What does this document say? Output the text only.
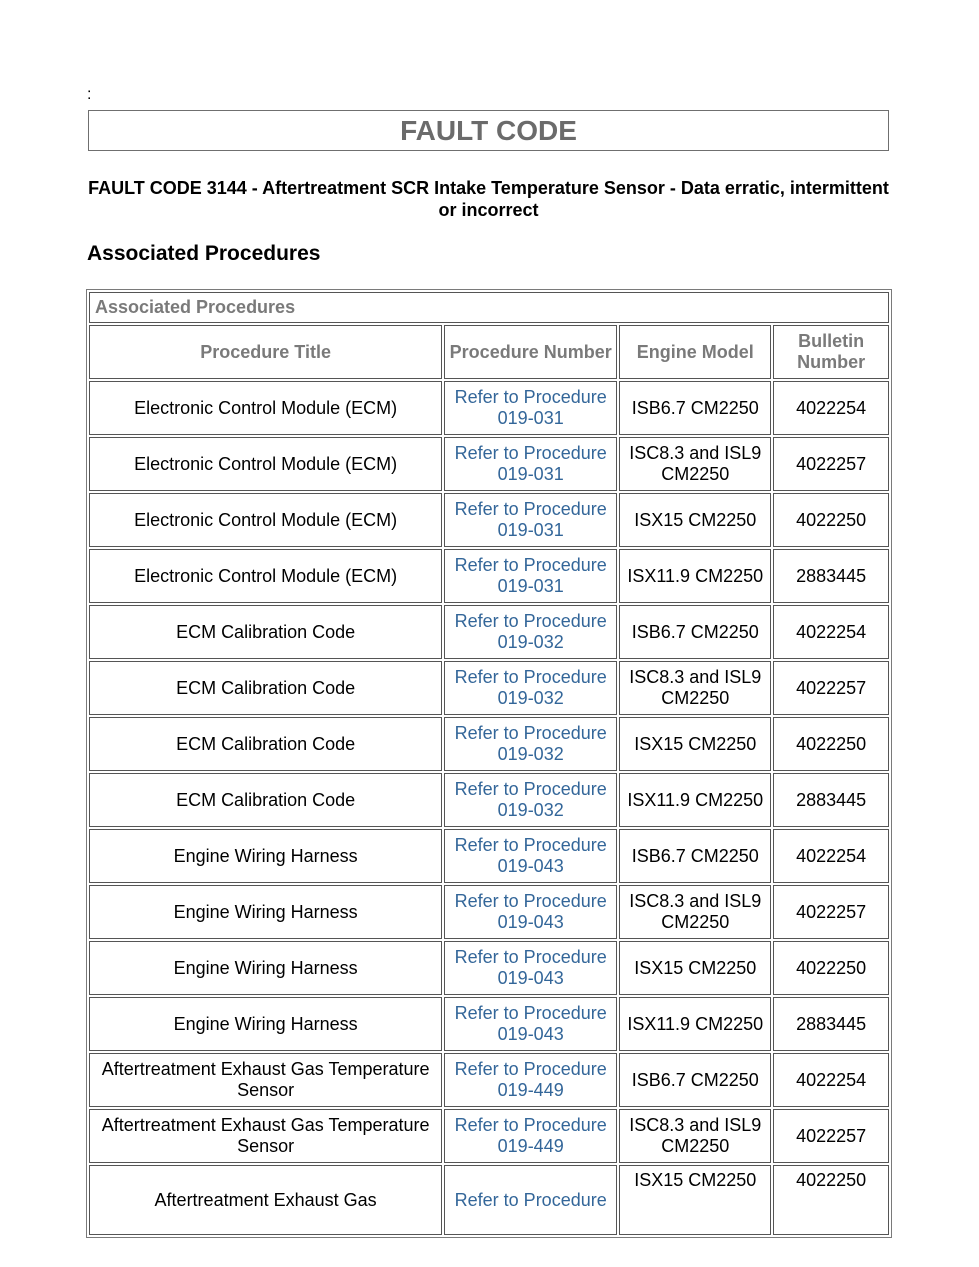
:
FAULT CODE
FAULT CODE 3144 - Aftertreatment SCR Intake Temperature Sensor - Data erratic, intermittent or incorrect
Associated Procedures
Associated Procedures			
Procedure Title	Procedure Number	Engine Model	Bulletin Number
Electronic Control Module (ECM)	Refer to Procedure 019-031	ISB6.7 CM2250	4022254
Electronic Control Module (ECM)	Refer to Procedure 019-031	ISC8.3 and ISL9 CM2250	4022257
Electronic Control Module (ECM)	Refer to Procedure 019-031	ISX15 CM2250	4022250
Electronic Control Module (ECM)	Refer to Procedure 019-031	ISX11.9 CM2250	2883445
ECM Calibration Code	Refer to Procedure 019-032	ISB6.7 CM2250	4022254
ECM Calibration Code	Refer to Procedure 019-032	ISC8.3 and ISL9 CM2250	4022257
ECM Calibration Code	Refer to Procedure 019-032	ISX15 CM2250	4022250
ECM Calibration Code	Refer to Procedure 019-032	ISX11.9 CM2250	2883445
Engine Wiring Harness	Refer to Procedure 019-043	ISB6.7 CM2250	4022254
Engine Wiring Harness	Refer to Procedure 019-043	ISC8.3 and ISL9 CM2250	4022257
Engine Wiring Harness	Refer to Procedure 019-043	ISX15 CM2250	4022250
Engine Wiring Harness	Refer to Procedure 019-043	ISX11.9 CM2250	2883445
Aftertreatment Exhaust Gas Temperature Sensor	Refer to Procedure 019-449	ISB6.7 CM2250	4022254
Aftertreatment Exhaust Gas Temperature Sensor	Refer to Procedure 019-449	ISC8.3 and ISL9 CM2250	4022257
Aftertreatment Exhaust Gas	Refer to Procedure	ISX15 CM2250	4022250
